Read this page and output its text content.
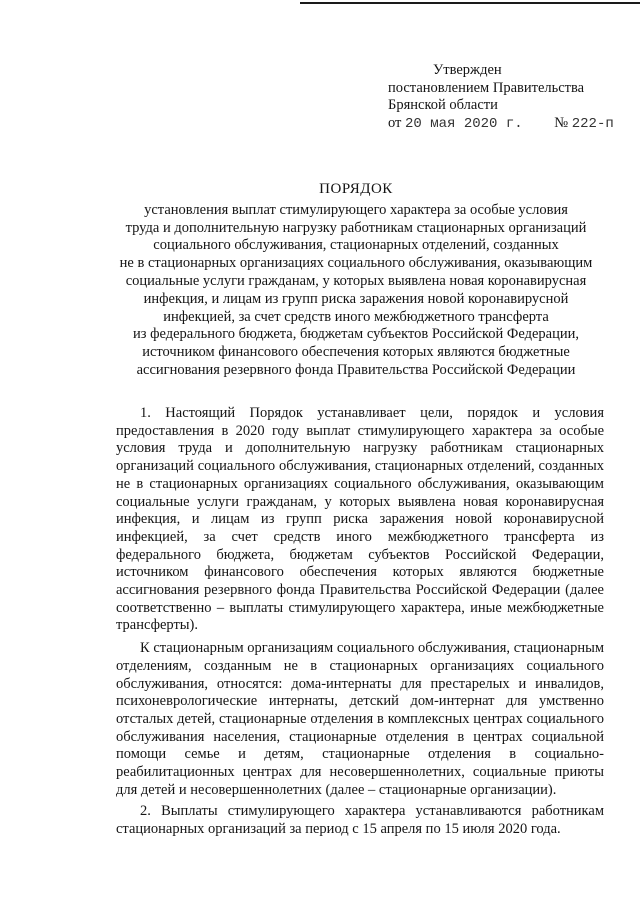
Утвержден
постановлением Правительства
Брянской области
от 20 мая 2020 г. № 222-п
ПОРЯДОК
установления выплат стимулирующего характера за особые условия
труда и дополнительную нагрузку работникам стационарных организаций
социального обслуживания, стационарных отделений, созданных
не в стационарных организациях социального обслуживания, оказывающим
социальные услуги гражданам, у которых выявлена новая коронавирусная
инфекция, и лицам из групп риска заражения новой коронавирусной
инфекцией, за счет средств иного межбюджетного трансферта
из федерального бюджета, бюджетам субъектов Российской Федерации,
источником финансового обеспечения которых являются бюджетные
ассигнования резервного фонда Правительства Российской Федерации

1. Настоящий Порядок устанавливает цели, порядок и условия предоставления в 2020 году выплат стимулирующего характера за особые условия труда и дополнительную нагрузку работникам стационарных организаций социального обслуживания, стационарных отделений, созданных не в стационарных организациях социального обслуживания, оказывающим социальные услуги гражданам, у которых выявлена новая коронавирусная инфекция, и лицам из групп риска заражения новой коронавирусной инфекцией, за счет средств иного межбюджетного трансферта из федерального бюджета, бюджетам субъектов Российской Федерации, источником финансового обеспечения которых являются бюджетные ассигнования резервного фонда Правительства Российской Федерации (далее соответственно – выплаты стимулирующего характера, иные межбюджетные трансферты).

К стационарным организациям социального обслуживания, стационарным отделениям, созданным не в стационарных организациях социального обслуживания, относятся: дома-интернаты для престарелых и инвалидов, психоневрологические интернаты, детский дом-интернат для умственно отсталых детей, стационарные отделения в комплексных центрах социального обслуживания населения, стационарные отделения в центрах социальной помощи семье и детям, стационарные отделения в социально-реабилитационных центрах для несовершеннолетних, социальные приюты для детей и несовершеннолетних (далее – стационарные организации).

2. Выплаты стимулирующего характера устанавливаются работникам стационарных организаций за период с 15 апреля по 15 июля 2020 года.
